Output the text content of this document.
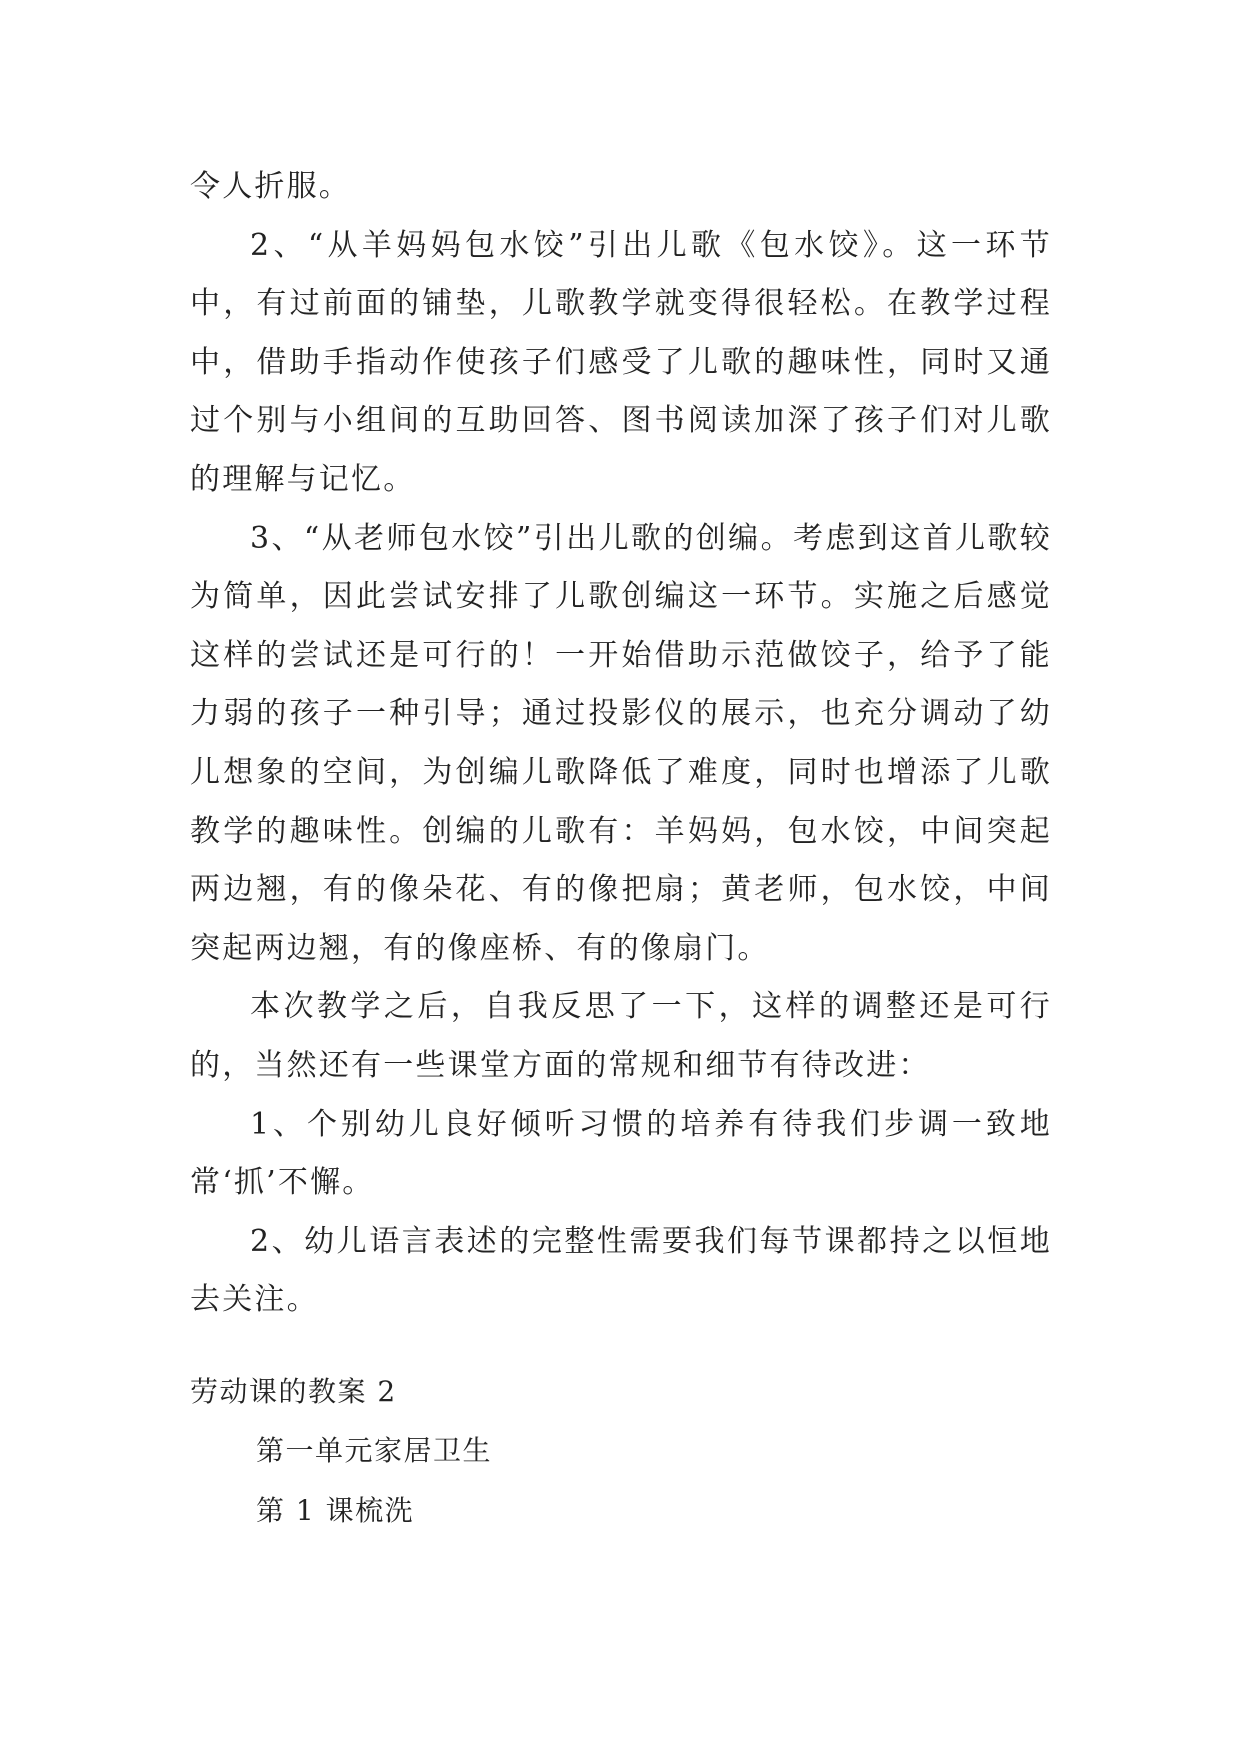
令人折服。

2、“从羊妈妈包水饺”引出儿歌《包水饺》。这一环节中，有过前面的铺垫，儿歌教学就变得很轻松。在教学过程中，借助手指动作使孩子们感受了儿歌的趣味性，同时又通过个别与小组间的互助回答、图书阅读加深了孩子们对儿歌的理解与记忆。

3、“从老师包水饺”引出儿歌的创编。考虑到这首儿歌较为简单，因此尝试安排了儿歌创编这一环节。实施之后感觉这样的尝试还是可行的！一开始借助示范做饺子，给予了能力弱的孩子一种引导；通过投影仪的展示，也充分调动了幼儿想象的空间，为创编儿歌降低了难度，同时也增添了儿歌教学的趣味性。创编的儿歌有：羊妈妈，包水饺，中间突起两边翘，有的像朵花、有的像把扇；黄老师，包水饺，中间突起两边翘，有的像座桥、有的像扇门。

本次教学之后，自我反思了一下，这样的调整还是可行的，当然还有一些课堂方面的常规和细节有待改进：

1、个别幼儿良好倾听习惯的培养有待我们步调一致地常‘抓’不懈。

2、幼儿语言表述的完整性需要我们每节课都持之以恒地去关注。

劳动课的教案 2

第一单元家居卫生

第 1 课梳洗
